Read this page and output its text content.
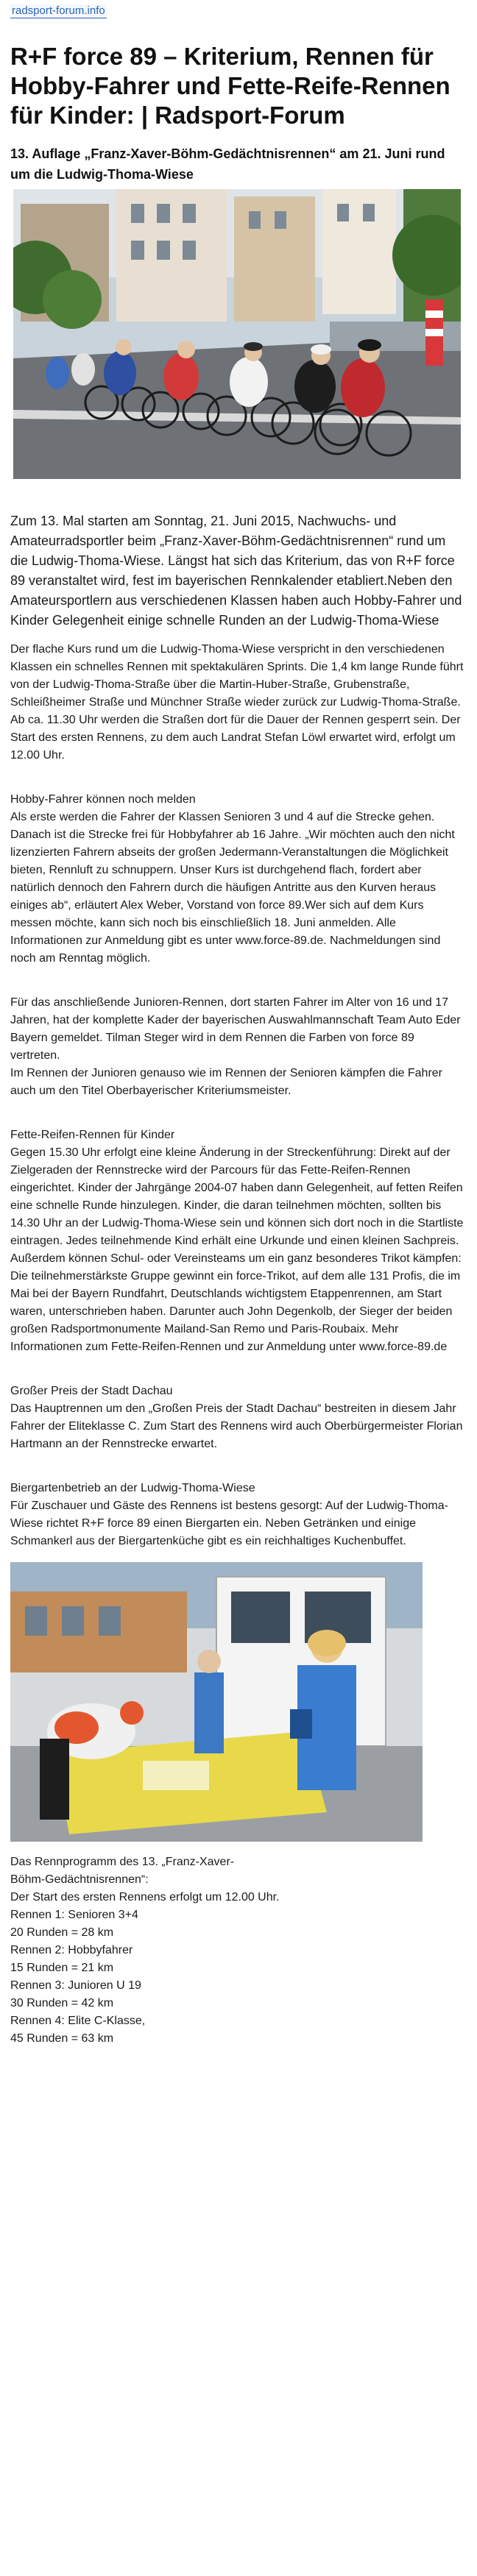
radsport-forum.info
R+F force 89 – Kriterium, Rennen für Hobby-Fahrer und Fette-Reife-Rennen für Kinder: | Radsport-Forum
13. Auflage „Franz-Xaver-Böhm-Gedächtnisrennen“ am 21. Juni rund um die Ludwig-Thoma-Wiese

Zum 13. Mal starten am Sonntag, 21. Juni 2015, Nachwuchs- und Amateurradsportler beim „Franz-Xaver-Böhm-Gedächtnisrennen“ rund um die Ludwig-Thoma-Wiese. Längst hat sich das Kriterium, das von R+F force 89 veranstaltet wird, fest im bayerischen Rennkalender etabliert.Neben den Amateursportlern aus verschiedenen Klassen haben auch Hobby-Fahrer und Kinder Gelegenheit einige schnelle Runden an der Ludwig-Thoma-Wiese

Der flache Kurs rund um die Ludwig-Thoma-Wiese verspricht in den verschiedenen Klassen ein schnelles Rennen mit spektakulären Sprints. Die 1,4 km lange Runde führt von der Ludwig-Thoma-Straße über die Martin-Huber-Straße, Grubenstraße, Schleißheimer Straße und Münchner Straße wieder zurück zur Ludwig-Thoma-Straße. Ab ca. 11.30 Uhr werden die Straßen dort für die Dauer der Rennen gesperrt sein. Der Start des ersten Rennens, zu dem auch Landrat Stefan Löwl erwartet wird, erfolgt um 12.00 Uhr.

Hobby-Fahrer können noch melden
Als erste werden die Fahrer der Klassen Senioren 3 und 4 auf die Strecke gehen. Danach ist die Strecke frei für Hobbyfahrer ab 16 Jahre. „Wir möchten auch den nicht lizenzierten Fahrern abseits der großen Jedermann-Veranstaltungen die Möglichkeit bieten, Rennluft zu schnuppern. Unser Kurs ist durchgehend flach, fordert aber natürlich dennoch den Fahrern durch die häufigen Antritte aus den Kurven heraus einiges ab“, erläutert Alex Weber, Vorstand von force 89.Wer sich auf dem Kurs messen möchte, kann sich noch bis einschließlich 18. Juni anmelden. Alle Informationen zur Anmeldung gibt es unter www.force-89.de. Nachmeldungen sind noch am Renntag möglich.
Für das anschließende Junioren-Rennen, dort starten Fahrer im Alter von 16 und 17 Jahren, hat der komplette Kader der bayerischen Auswahlmannschaft Team Auto Eder Bayern gemeldet. Tilman Steger wird in dem Rennen die Farben von force 89 vertreten.
Im Rennen der Junioren genauso wie im Rennen der Senioren kämpfen die Fahrer auch um den Titel Oberbayerischer Kriteriumsmeister.
Fette-Reifen-Rennen für Kinder
Gegen 15.30 Uhr erfolgt eine kleine Änderung in der Streckenführung: Direkt auf der Zielgeraden der Rennstrecke wird der Parcours für das Fette-Reifen-Rennen eingerichtet. Kinder der Jahrgänge 2004-07 haben dann Gelegenheit, auf fetten Reifen eine schnelle Runde hinzulegen. Kinder, die daran teilnehmen möchten, sollten bis 14.30 Uhr an der Ludwig-Thoma-Wiese sein und können sich dort noch in die Startliste eintragen. Jedes teilnehmende Kind erhält eine Urkunde und einen kleinen Sachpreis. Außerdem können Schul- oder Vereinsteams um ein ganz besonderes Trikot kämpfen: Die teilnehmerstärkste Gruppe gewinnt ein force-Trikot, auf dem alle 131 Profis, die im Mai bei der Bayern Rundfahrt, Deutschlands wichtigstem Etappenrennen, am Start waren, unterschrieben haben. Darunter auch John Degenkolb, der Sieger der beiden großen Radsportmonumente Mailand-San Remo und Paris-Roubaix. Mehr Informationen zum Fette-Reifen-Rennen und zur Anmeldung unter www.force-89.de
Großer Preis der Stadt Dachau
Das Hauptrennen um den „Großen Preis der Stadt Dachau“ bestreiten in diesem Jahr Fahrer der Eliteklasse C. Zum Start des Rennens wird auch Oberbürgermeister Florian Hartmann an der Rennstrecke erwartet.
Biergartenbetrieb an der Ludwig-Thoma-Wiese
Für Zuschauer und Gäste des Rennens ist bestens gesorgt: Auf der Ludwig-Thoma-Wiese richtet R+F force 89 einen Biergarten ein. Neben Getränken und einige Schmankerl aus der Biergartenküche gibt es ein reichhaltiges Kuchenbuffet.
Das Rennprogramm des 13. „Franz-Xaver-
Böhm-Gedächtnisrennen“:
Der Start des ersten Rennens erfolgt um 12.00 Uhr.
Rennen 1: Senioren 3+4
20 Runden = 28 km
Rennen 2: Hobbyfahrer
15 Runden = 21 km
Rennen 3: Junioren U 19
30 Runden = 42 km
Rennen 4: Elite C-Klasse,
45 Runden = 63 km
